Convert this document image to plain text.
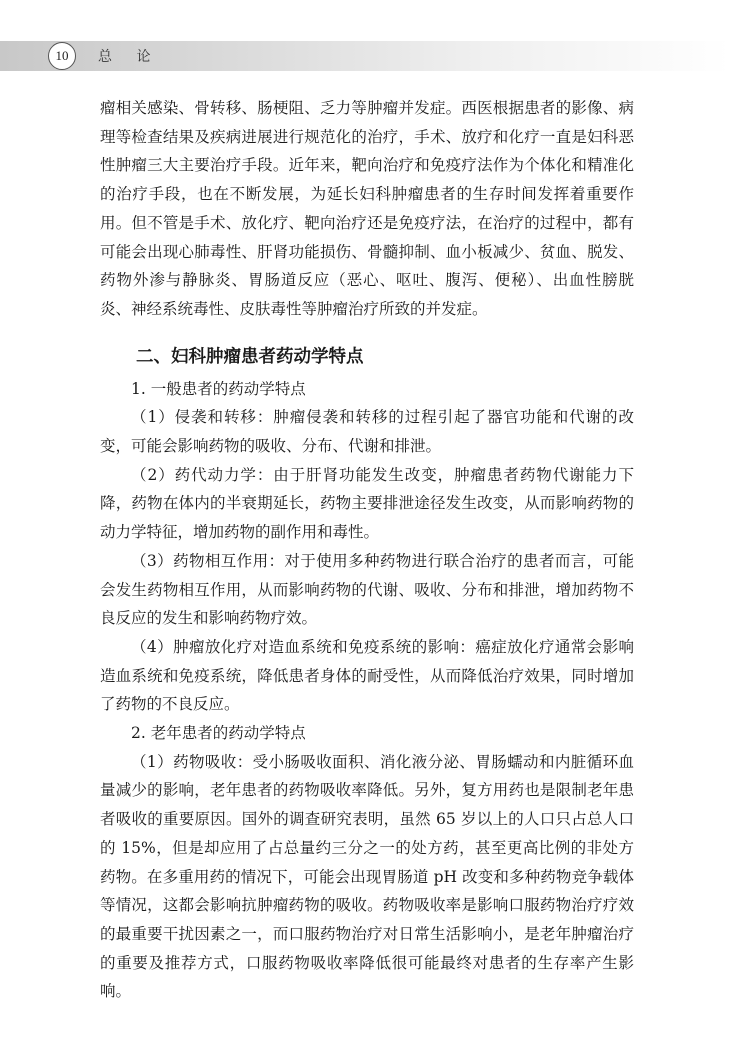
10	总 论

瘤相关感染、骨转移、肠梗阻、乏力等肿瘤并发症。西医根据患者的影像、病理等检查结果及疾病进展进行规范化的治疗，手术、放疗和化疗一直是妇科恶性肿瘤三大主要治疗手段。近年来，靶向治疗和免疫疗法作为个体化和精准化的治疗手段，也在不断发展，为延长妇科肿瘤患者的生存时间发挥着重要作用。但不管是手术、放化疗、靶向治疗还是免疫疗法，在治疗的过程中，都有可能会出现心肺毒性、肝肾功能损伤、骨髓抑制、血小板减少、贫血、脱发、药物外渗与静脉炎、胃肠道反应（恶心、呕吐、腹泻、便秘）、出血性膀胱炎、神经系统毒性、皮肤毒性等肿瘤治疗所致的并发症。

二、妇科肿瘤患者药动学特点

1. 一般患者的药动学特点

（1）侵袭和转移：肿瘤侵袭和转移的过程引起了器官功能和代谢的改变，可能会影响药物的吸收、分布、代谢和排泄。

（2）药代动力学：由于肝肾功能发生改变，肿瘤患者药物代谢能力下降，药物在体内的半衰期延长，药物主要排泄途径发生改变，从而影响药物的动力学特征，增加药物的副作用和毒性。

（3）药物相互作用：对于使用多种药物进行联合治疗的患者而言，可能会发生药物相互作用，从而影响药物的代谢、吸收、分布和排泄，增加药物不良反应的发生和影响药物疗效。

（4）肿瘤放化疗对造血系统和免疫系统的影响：癌症放化疗通常会影响造血系统和免疫系统，降低患者身体的耐受性，从而降低治疗效果，同时增加了药物的不良反应。

2. 老年患者的药动学特点

（1）药物吸收：受小肠吸收面积、消化液分泌、胃肠蠕动和内脏循环血量减少的影响，老年患者的药物吸收率降低。另外，复方用药也是限制老年患者吸收的重要原因。国外的调查研究表明，虽然 65 岁以上的人口只占总人口的 15%，但是却应用了占总量约三分之一的处方药，甚至更高比例的非处方药物。在多重用药的情况下，可能会出现胃肠道 pH 改变和多种药物竞争载体等情况，这都会影响抗肿瘤药物的吸收。药物吸收率是影响口服药物治疗疗效的最重要干扰因素之一，而口服药物治疗对日常生活影响小，是老年肿瘤治疗的重要及推荐方式，口服药物吸收率降低很可能最终对患者的生存率产生影响。
